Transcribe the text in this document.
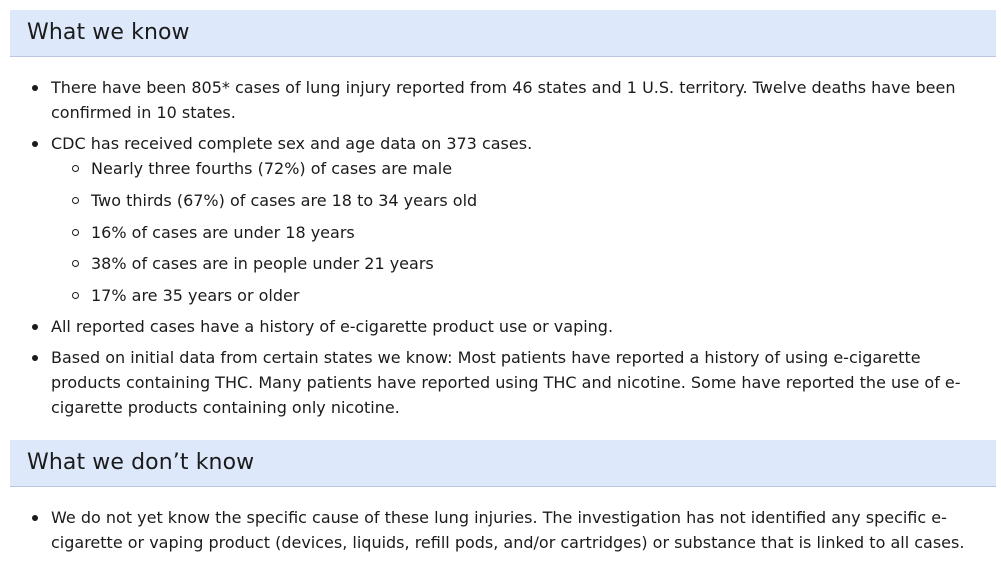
What we know
There have been 805* cases of lung injury reported from 46 states and 1 U.S. territory. Twelve deaths have been confirmed in 10 states.
CDC has received complete sex and age data on 373 cases.
Nearly three fourths (72%) of cases are male
Two thirds (67%) of cases are 18 to 34 years old
16% of cases are under 18 years
38% of cases are in people under 21 years
17% are 35 years or older
All reported cases have a history of e-cigarette product use or vaping.
Based on initial data from certain states we know: Most patients have reported a history of using e-cigarette products containing THC. Many patients have reported using THC and nicotine. Some have reported the use of e-cigarette products containing only nicotine.
What we don’t know
We do not yet know the specific cause of these lung injuries. The investigation has not identified any specific e-cigarette or vaping product (devices, liquids, refill pods, and/or cartridges) or substance that is linked to all cases.
